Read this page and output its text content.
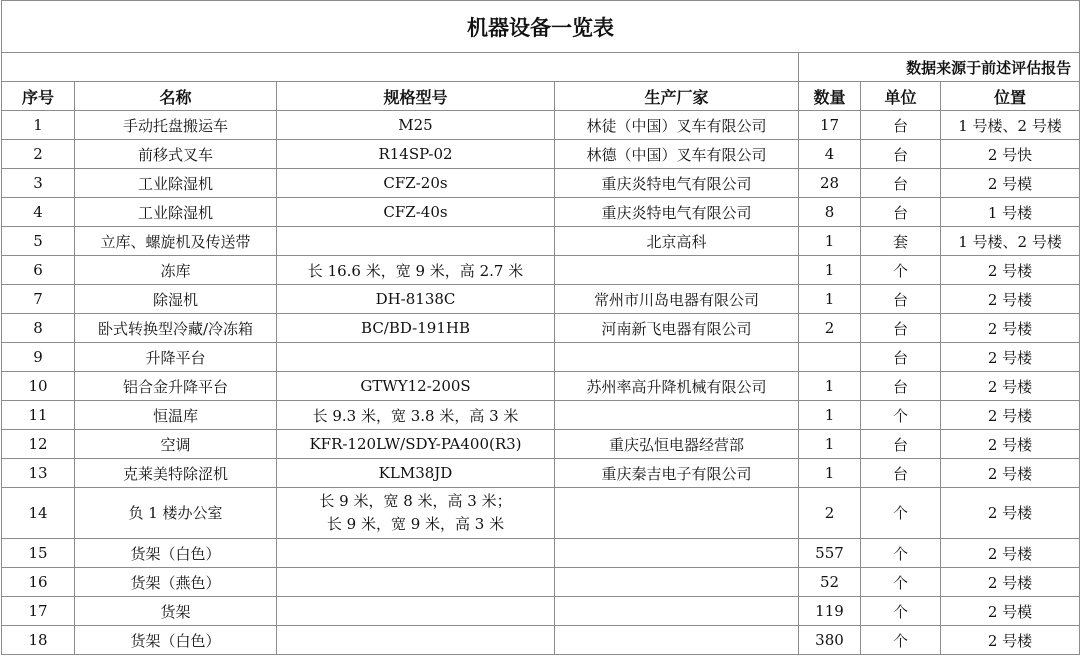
机器设备一览表						
				数据来源于前述评估报告		
序号	名称	规格型号	生产厂家	数量	单位	位置
1	手动托盘搬运车	M25	林徒（中国）叉车有限公司	17	台	1 号楼、2 号楼
2	前移式叉车	R14SP-02	林德（中国）叉车有限公司	4	台	2 号快
3	工业除湿机	CFZ-20s	重庆炎特电气有限公司	28	台	2 号模
4	工业除湿机	CFZ-40s	重庆炎特电气有限公司	8	台	1 号楼
5	立库、螺旋机及传送带		北京高科	1	套	1 号楼、2 号楼
6	冻库	长 16.6 米，宽 9 米，高 2.7 米		1	个	2 号楼
7	除湿机	DH-8138C	常州市川岛电器有限公司	1	台	2 号楼
8	卧式转换型冷藏/冷冻箱	BC/BD-191HB	河南新飞电器有限公司	2	台	2 号楼
9	升降平台				台	2 号楼
10	铝合金升降平台	GTWY12-200S	苏州率高升降机械有限公司	1	台	2 号楼
11	恒温库	长 9.3 米，宽 3.8 米，高 3 米		1	个	2 号楼
12	空调	KFR-120LW/SDY-PA400(R3)	重庆弘恒电器经营部	1	台	2 号楼
13	克莱美特除涩机	KLM38JD	重庆秦吉电子有限公司	1	台	2 号楼
14	负 1 楼办公室	长 9 米，宽 8 米，高 3 米；
长 9 米，宽 9 米，高 3 米		2	个	2 号楼
15	货架（白色）			557	个	2 号楼
16	货架（燕色）			52	个	2 号楼
17	货架			119	个	2 号模
18	货架（白色）			380	个	2 号楼
